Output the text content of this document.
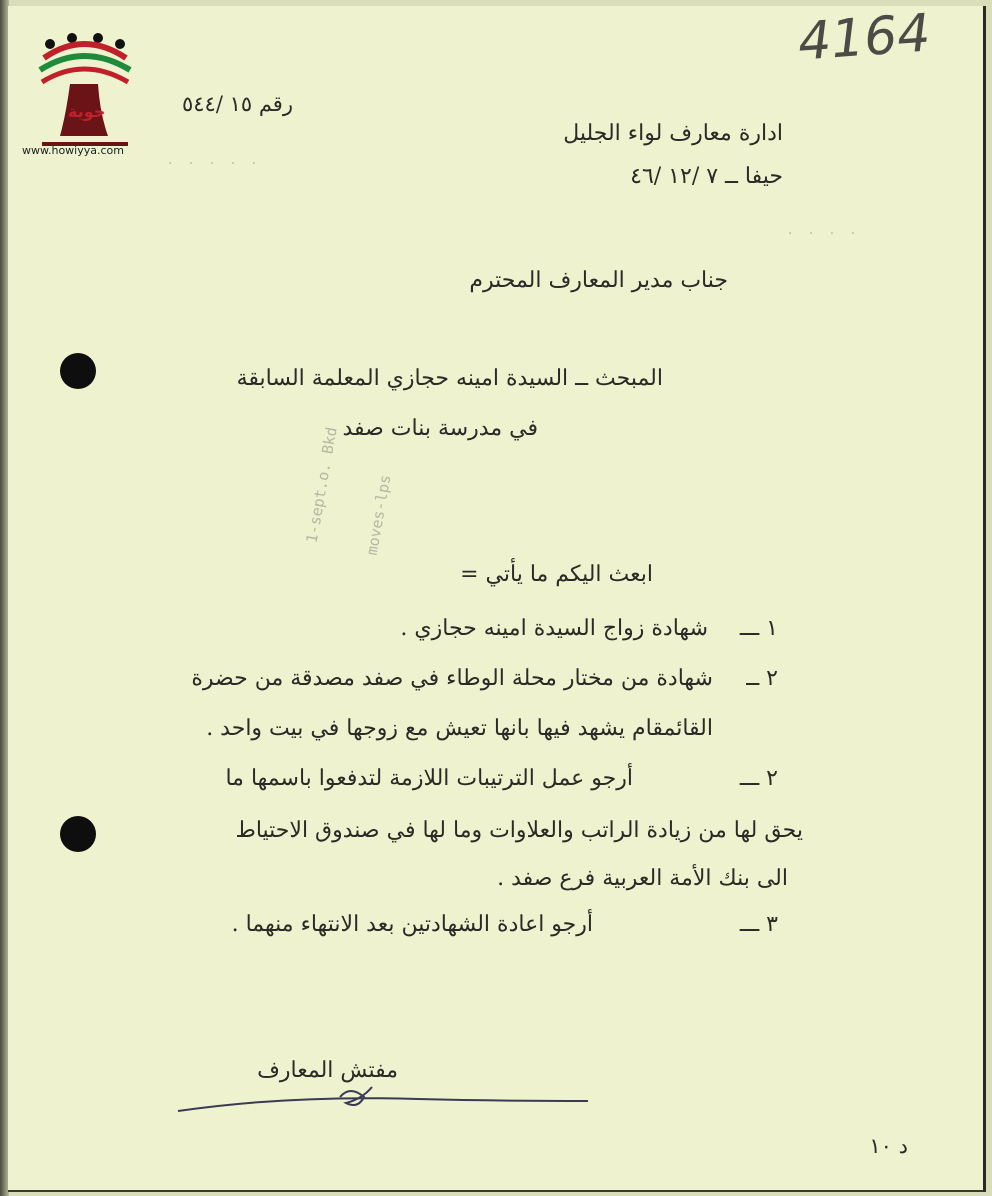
حوية
www.howiyya.com
4164
رقم ١٥ /٥٤٤
ادارة معارف لواء الجليل
حيفا ــ ٧ /١٢ /٤٦
جناب مدير المعارف المحترم
المبحث ــ السيدة امينه حجازي المعلمة السابقة
في مدرسة بنات صفد
1-sept.o. Bkd moves-lps
· · · · ·
· · · ·
ابعث اليكم ما يأتي =
١ ـــ
شهادة زواج السيدة امينه حجازي .
٢ ــ
شهادة من مختار محلة الوطاء في صفد مصدقة من حضرة
القائمقام يشهد فيها بانها تعيش مع زوجها في بيت واحد .
٢ ـــ
أرجو عمل الترتيبات اللازمة لتدفعوا باسمها ما
يحق لها من زيادة الراتب والعلاوات وما لها في صندوق الاحتياط
الى بنك الأمة العربية فرع صفد .
٣ ـــ
أرجو اعادة الشهادتين بعد الانتهاء منهما .
مفتش المعارف
د ١٠
